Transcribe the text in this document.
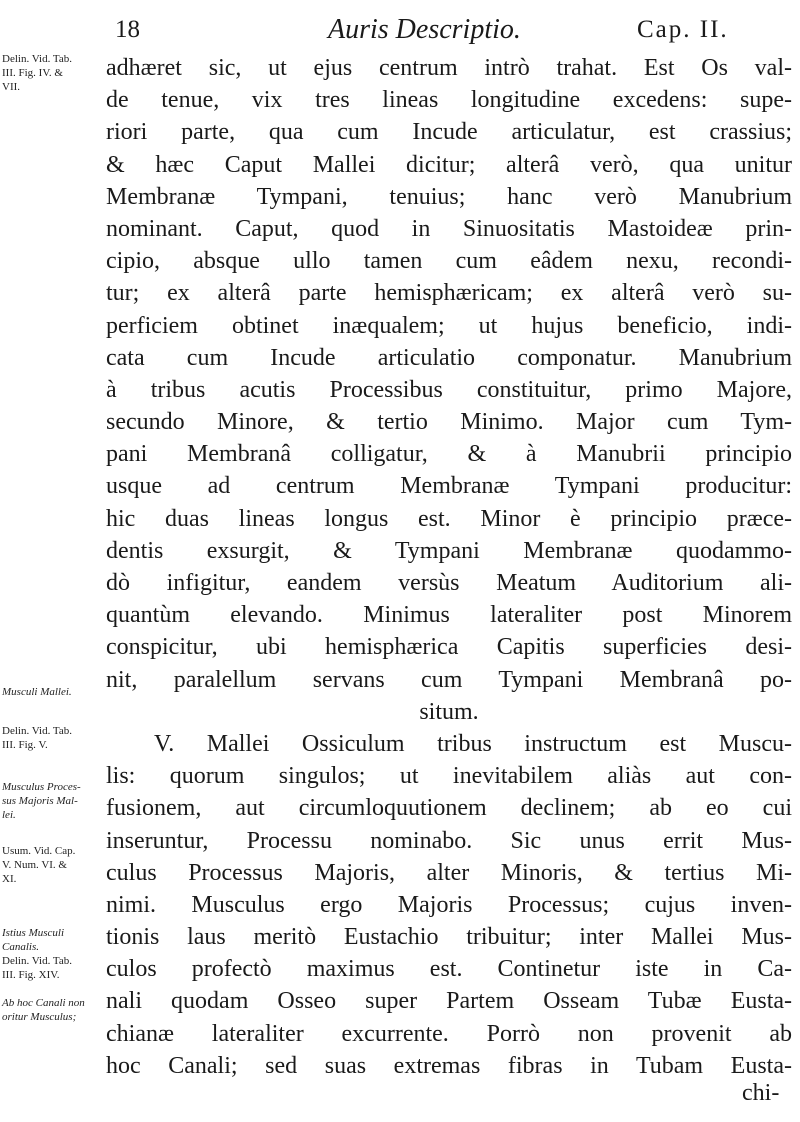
18	Auris Descriptio.	Cap. II.
Delin. Vid. Tab.
III. Fig. IV. &
VII.
Musculi Mallei.
Delin. Vid. Tab.
III. Fig. V.
Musculus Proces-
sus Majoris Mal-
lei.
Usum. Vid. Cap.
V. Num. VI. &
XI.
Istius Musculi
Canalis.
Delin. Vid. Tab.
III. Fig. XIV.
Ab hoc Canali non
oritur Musculus;
adhæret sic, ut ejus centrum intrò trahat. Est Os val-
de tenue, vix tres lineas longitudine excedens: supe-
riori parte, qua cum Incude articulatur, est crassius;
& hæc Caput Mallei dicitur; alterâ verò, qua unitur
Membranæ Tympani, tenuius; hanc verò Manubrium
nominant. Caput, quod in Sinuositatis Mastoideæ prin-
cipio, absque ullo tamen cum eâdem nexu, recondi-
tur; ex alterâ parte hemisphæricam; ex alterâ verò su-
perficiem obtinet inæqualem; ut hujus beneficio, indi-
cata cum Incude articulatio componatur. Manubrium
à tribus acutis Processibus constituitur, primo Majore,
secundo Minore, & tertio Minimo. Major cum Tym-
pani Membranâ colligatur, & à Manubrii principio
usque ad centrum Membranæ Tympani producitur:
hic duas lineas longus est. Minor è principio præce-
dentis exsurgit, & Tympani Membranæ quodammo-
dò infigitur, eandem versùs Meatum Auditorium ali-
quantùm elevando. Minimus lateraliter post Minorem
conspicitur, ubi hemisphærica Capitis superficies desi-
nit, paralellum servans cum Tympani Membranâ po-
situm.
V. Mallei Ossiculum tribus instructum est Muscu-
lis: quorum singulos; ut inevitabilem aliàs aut con-
fusionem, aut circumloquutionem declinem; ab eo cui
inseruntur, Processu nominabo. Sic unus errit Mus-
culus Processus Majoris, alter Minoris, & tertius Mi-
nimi. Musculus ergo Majoris Processus; cujus inven-
tionis laus meritò Eustachio tribuitur; inter Mallei Mus-
culos profectò maximus est. Continetur iste in Ca-
nali quodam Osseo super Partem Osseam Tubæ Eusta-
chianæ lateraliter excurrente. Porrò non provenit ab
hoc Canali; sed suas extremas fibras in Tubam Eusta-
chi-
